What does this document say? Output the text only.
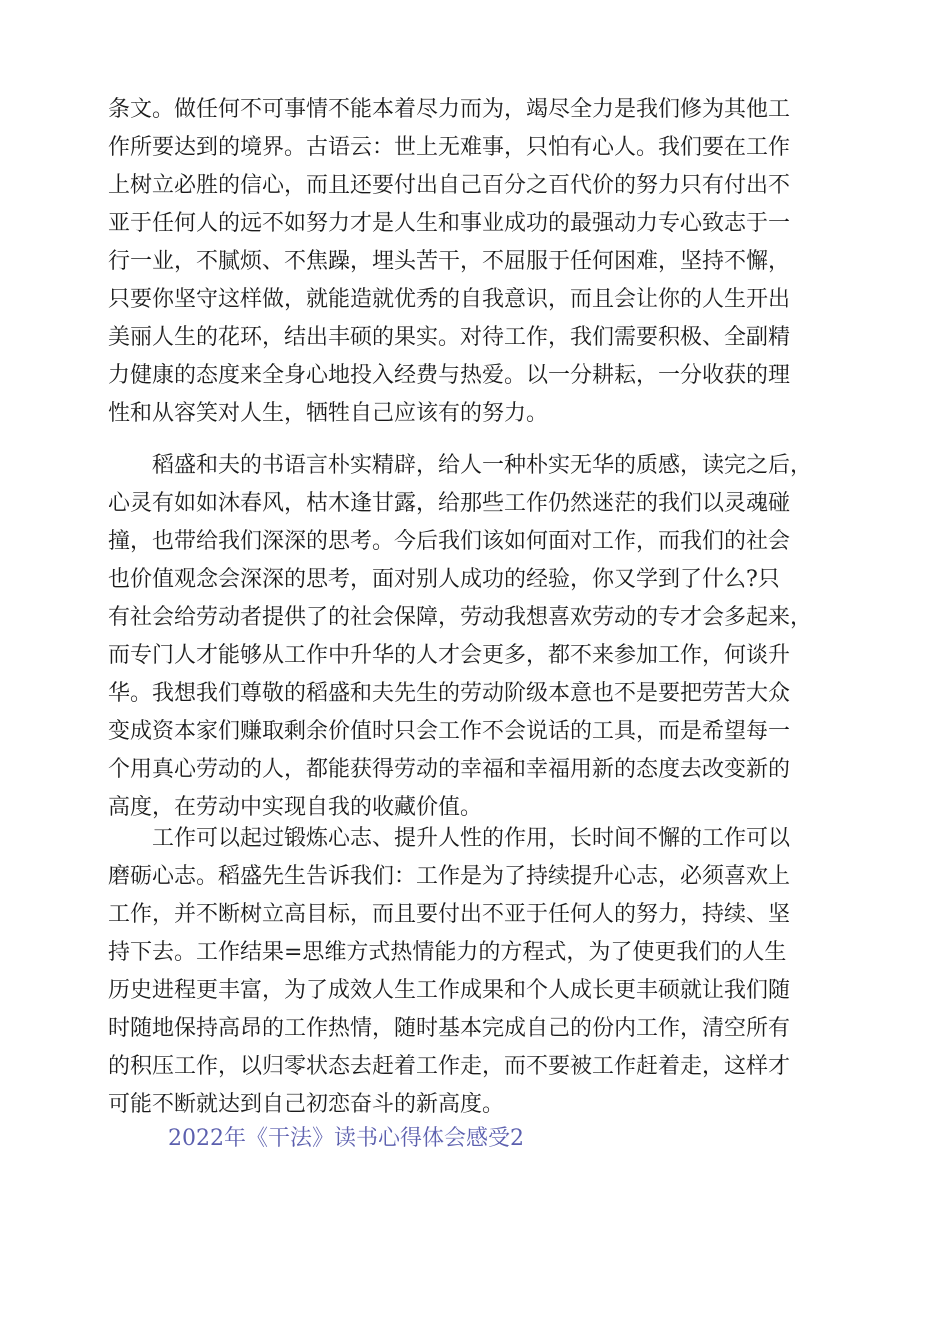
条文。做任何不可事情不能本着尽力而为，竭尽全力是我们修为其他工
作所要达到的境界。古语云：世上无难事，只怕有心人。我们要在工作
上树立必胜的信心，而且还要付出自己百分之百代价的努力只有付出不
亚于任何人的远不如努力才是人生和事业成功的最强动力专心致志于一
行一业，不腻烦、不焦躁，埋头苦干，不屈服于任何困难，坚持不懈，
只要你坚守这样做，就能造就优秀的自我意识，而且会让你的人生开出
美丽人生的花环，结出丰硕的果实。对待工作，我们需要积极、全副精
力健康的态度来全身心地投入经费与热爱。以一分耕耘，一分收获的理
性和从容笑对人生，牺牲自己应该有的努力。
　　稻盛和夫的书语言朴实精辟，给人一种朴实无华的质感，读完之后，
心灵有如如沐春风，枯木逢甘露，给那些工作仍然迷茫的我们以灵魂碰
撞，也带给我们深深的思考。今后我们该如何面对工作，而我们的社会
也价值观念会深深的思考，面对别人成功的经验，你又学到了什么?只
有社会给劳动者提供了的社会保障，劳动我想喜欢劳动的专才会多起来，
而专门人才能够从工作中升华的人才会更多，都不来参加工作，何谈升
华。我想我们尊敬的稻盛和夫先生的劳动阶级本意也不是要把劳苦大众
变成资本家们赚取剩余价值时只会工作不会说话的工具，而是希望每一
个用真心劳动的人，都能获得劳动的幸福和幸福用新的态度去改变新的
高度，在劳动中实现自我的收藏价值。
　　工作可以起过锻炼心志、提升人性的作用，长时间不懈的工作可以
磨砺心志。稻盛先生告诉我们：工作是为了持续提升心志，必须喜欢上
工作，并不断树立高目标，而且要付出不亚于任何人的努力，持续、坚
持下去。工作结果=思维方式热情能力的方程式，为了使更我们的人生
历史进程更丰富，为了成效人生工作成果和个人成长更丰硕就让我们随
时随地保持高昂的工作热情，随时基本完成自己的份内工作，清空所有
的积压工作，以归零状态去赶着工作走，而不要被工作赶着走，这样才
可能不断就达到自己初恋奋斗的新高度。
2022年《干法》读书心得体会感受2
